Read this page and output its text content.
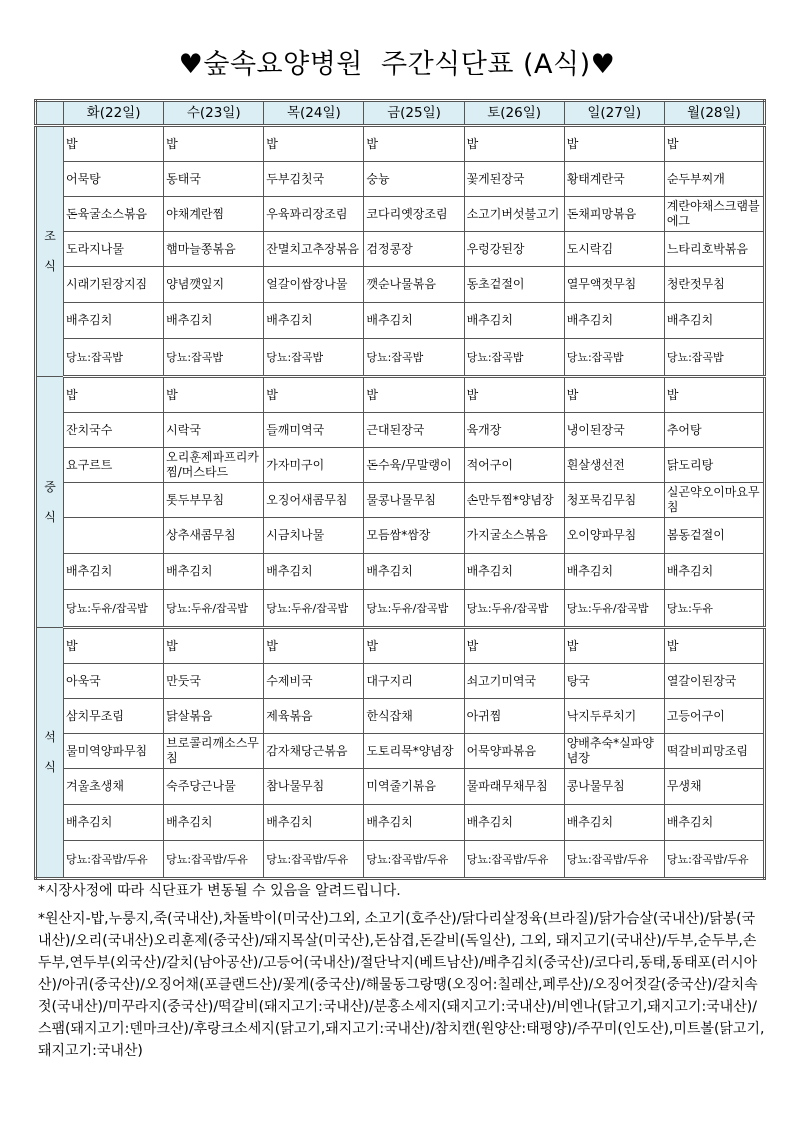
♥숲속요양병원  주간식단표 (A식)♥
	화(22일)	수(23일)	목(24일)	금(25일)	토(26일)	일(27일)	월(28일)
조

식	밥	밥	밥	밥	밥	밥	밥
	어묵탕	동태국	두부김칫국	숭늉	꽃게된장국	황태계란국	순두부찌개
	돈육굴소스볶음	야채계란찜	우육꽈리장조림	코다리옛장조림	소고기버섯불고기	돈채피망볶음	계란야채스크램블에그
	도라지나물	햄마늘쫑볶음	잔멸치고추장볶음	검정콩장	우렁강된장	도시락김	느타리호박볶음
	시래기된장지짐	양념깻잎지	얼갈이쌈장나물	깻순나물볶음	동초겉절이	열무액젓무침	청란젓무침
	배추김치	배추김치	배추김치	배추김치	배추김치	배추김치	배추김치
	당뇨:잡곡밥	당뇨:잡곡밥	당뇨:잡곡밥	당뇨:잡곡밥	당뇨:잡곡밥	당뇨:잡곡밥	당뇨:잡곡밥
중

식	밥	밥	밥	밥	밥	밥	밥
	잔치국수	시락국	들깨미역국	근대된장국	육개장	냉이된장국	추어탕
	요구르트	오리훈제파프리카찜/머스타드	가자미구이	돈수육/무말랭이	적어구이	흰살생선전	닭도리탕
		톳두부무침	오징어새콤무침	물콩나물무침	손만두찜*양념장	청포묵김무침	실곤약오이마요무침
		상추새콤무침	시금치나물	모듬쌈*쌈장	가지굴소스볶음	오이양파무침	봄동겉절이
	배추김치	배추김치	배추김치	배추김치	배추김치	배추김치	배추김치
	당뇨:두유/잡곡밥	당뇨:두유/잡곡밥	당뇨:두유/잡곡밥	당뇨:두유/잡곡밥	당뇨:두유/잡곡밥	당뇨:두유/잡곡밥	당뇨:두유
석

식	밥	밥	밥	밥	밥	밥	밥
	아욱국	만둣국	수제비국	대구지리	쇠고기미역국	탕국	열갈이된장국
	삼치무조림	닭살볶음	제육볶음	한식잡채	아귀찜	낙지두루치기	고등어구이
	물미역양파무침	브로콜리깨소스무침	감자채당근볶음	도토리묵*양념장	어묵양파볶음	양배추숙*실파양념장	떡갈비피망조림
	겨울초생채	숙주당근나물	참나물무침	미역줄기볶음	물파래무채무침	콩나물무침	무생채
	배추김치	배추김치	배추김치	배추김치	배추김치	배추김치	배추김치
	당뇨:잡곡밥/두유	당뇨:잡곡밥/두유	당뇨:잡곡밥/두유	당뇨:잡곡밥/두유	당뇨:잡곡밥/두유	당뇨:잡곡밥/두유	당뇨:잡곡밥/두유

*시장사정에 따라 식단표가 변동될 수 있음을 알려드립니다.

*원산지-밥,누룽지,죽(국내산),차돌박이(미국산)그외, 소고기(호주산)/닭다리살정육(브라질)/닭가슴살(국내산)/닭봉(국내산)/오리(국내산)오리훈제(중국산)/돼지목살(미국산),돈삼겹,돈갈비(독일산), 그외, 돼지고기(국내산)/두부,순두부,손두부,연두부(외국산)/갈치(남아공산)/고등어(국내산)/절단낙지(베트남산)/배추김치(중국산)/코다리,동태,동태포(러시아산)/아귀(중국산)/오징어채(포클랜드산)/꽃게(중국산)/해물동그랑땡(오징어:칠레산,페루산)/오징어젓갈(중국산)/갈치속젓(국내산)/미꾸라지(중국산)/떡갈비(돼지고기:국내산)/분홍소세지(돼지고기:국내산)/비엔나(닭고기,돼지고기:국내산)/스팸(돼지고기:덴마크산)/후랑크소세지(닭고기,돼지고기:국내산)/참치캔(원양산:태평양)/주꾸미(인도산),미트볼(닭고기,돼지고기:국내산)
